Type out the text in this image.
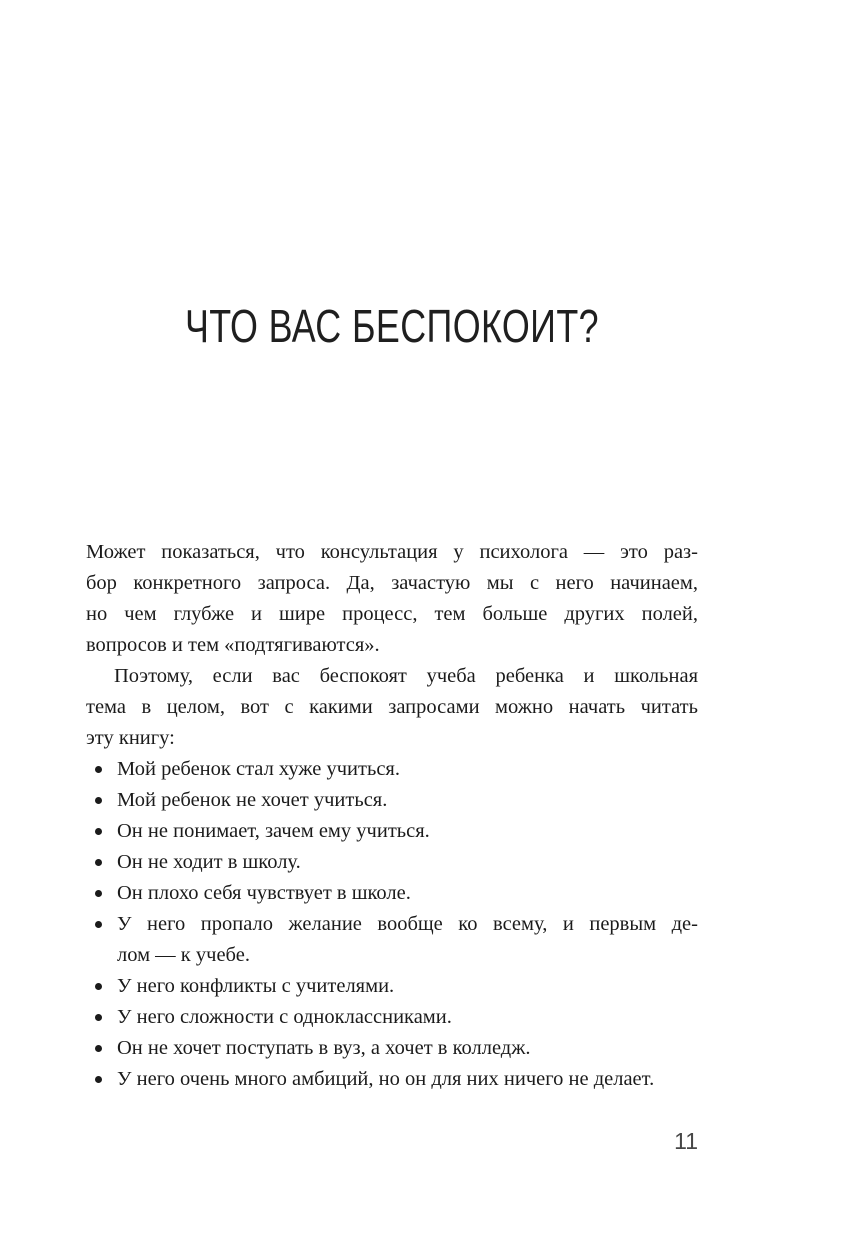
ЧТО ВАС БЕСПОКОИТ?
Может показаться, что консультация у психолога — это раз-
бор конкретного запроса. Да, зачастую мы с него начинаем,
но чем глубже и шире процесс, тем больше других полей,
вопросов и тем «подтягиваются».
Поэтому, если вас беспокоят учеба ребенка и школьная
тема в целом, вот с какими запросами можно начать читать
эту книгу:
Мой ребенок стал хуже учиться.
Мой ребенок не хочет учиться.
Он не понимает, зачем ему учиться.
Он не ходит в школу.
Он плохо себя чувствует в школе.
У него пропало желание вообще ко всему, и первым де-
лом — к учебе.
У него конфликты с учителями.
У него сложности с одноклассниками.
Он не хочет поступать в вуз, а хочет в колледж.
У него очень много амбиций, но он для них ничего не делает.
11
